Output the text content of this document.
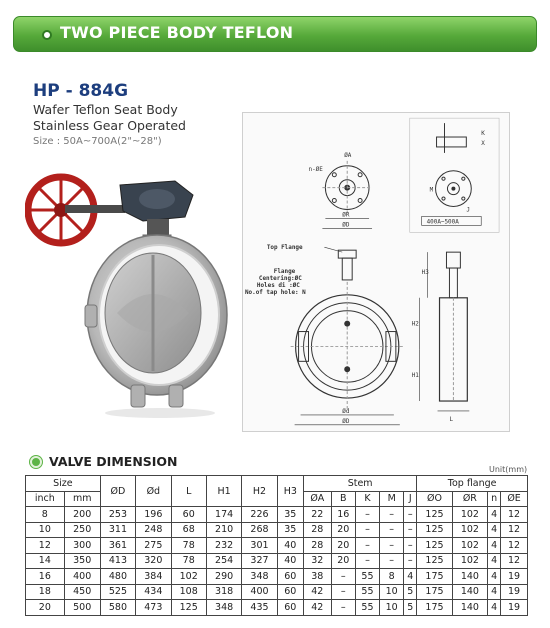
TWO PIECE BODY TEFLON
HP - 884G
Wafer Teflon Seat Body
Stainless Gear Operated
Size : 50A~700A(2"~28")
ØR
ØD
ØA
n-ØE
K
X
M
J
400A~500A
Top Flange
Flange
Centering:ØC
Holes di :ØC
No.of tap hole: N
Ød
ØD	L
H3
H2
H1
VALVE DIMENSION
Unit(mm)
Size		ØD	Ød	L	H1	H2	H3	Stem					Top flange			
inch	mm							ØA	B	K	M	J	ØO	ØR	n	ØE
8	200	253	196	60	174	226	35	22	16	–	–	–	125	102	4	12
10	250	311	248	68	210	268	35	28	20	–	–	–	125	102	4	12
12	300	361	275	78	232	301	40	28	20	–	–	–	125	102	4	12
14	350	413	320	78	254	327	40	32	20	–	–	–	125	102	4	12
16	400	480	384	102	290	348	60	38	–	55	8	4	175	140	4	19
18	450	525	434	108	318	400	60	42	–	55	10	5	175	140	4	19
20	500	580	473	125	348	435	60	42	–	55	10	5	175	140	4	19
